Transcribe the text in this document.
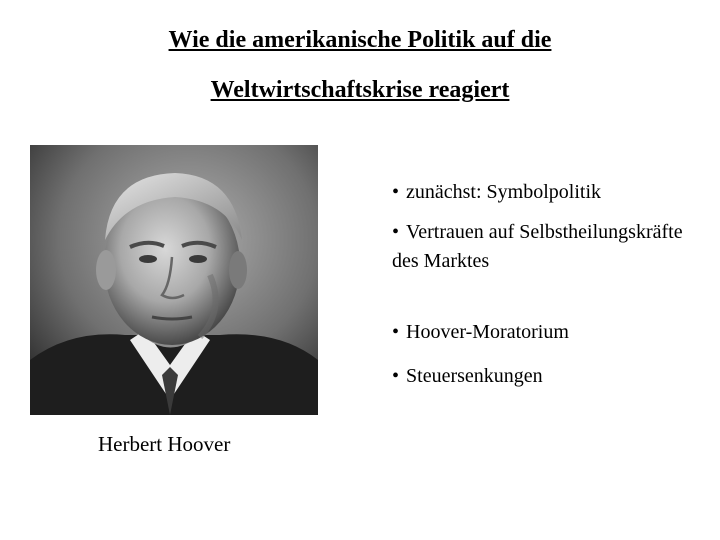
Wie die amerikanische Politik auf die
Weltwirtschaftskrise reagiert
Herbert Hoover
• zunächst: Symbolpolitik
• Vertrauen auf Selbstheilungskräfte des Marktes
• Hoover-Moratorium
• Steuersenkungen
